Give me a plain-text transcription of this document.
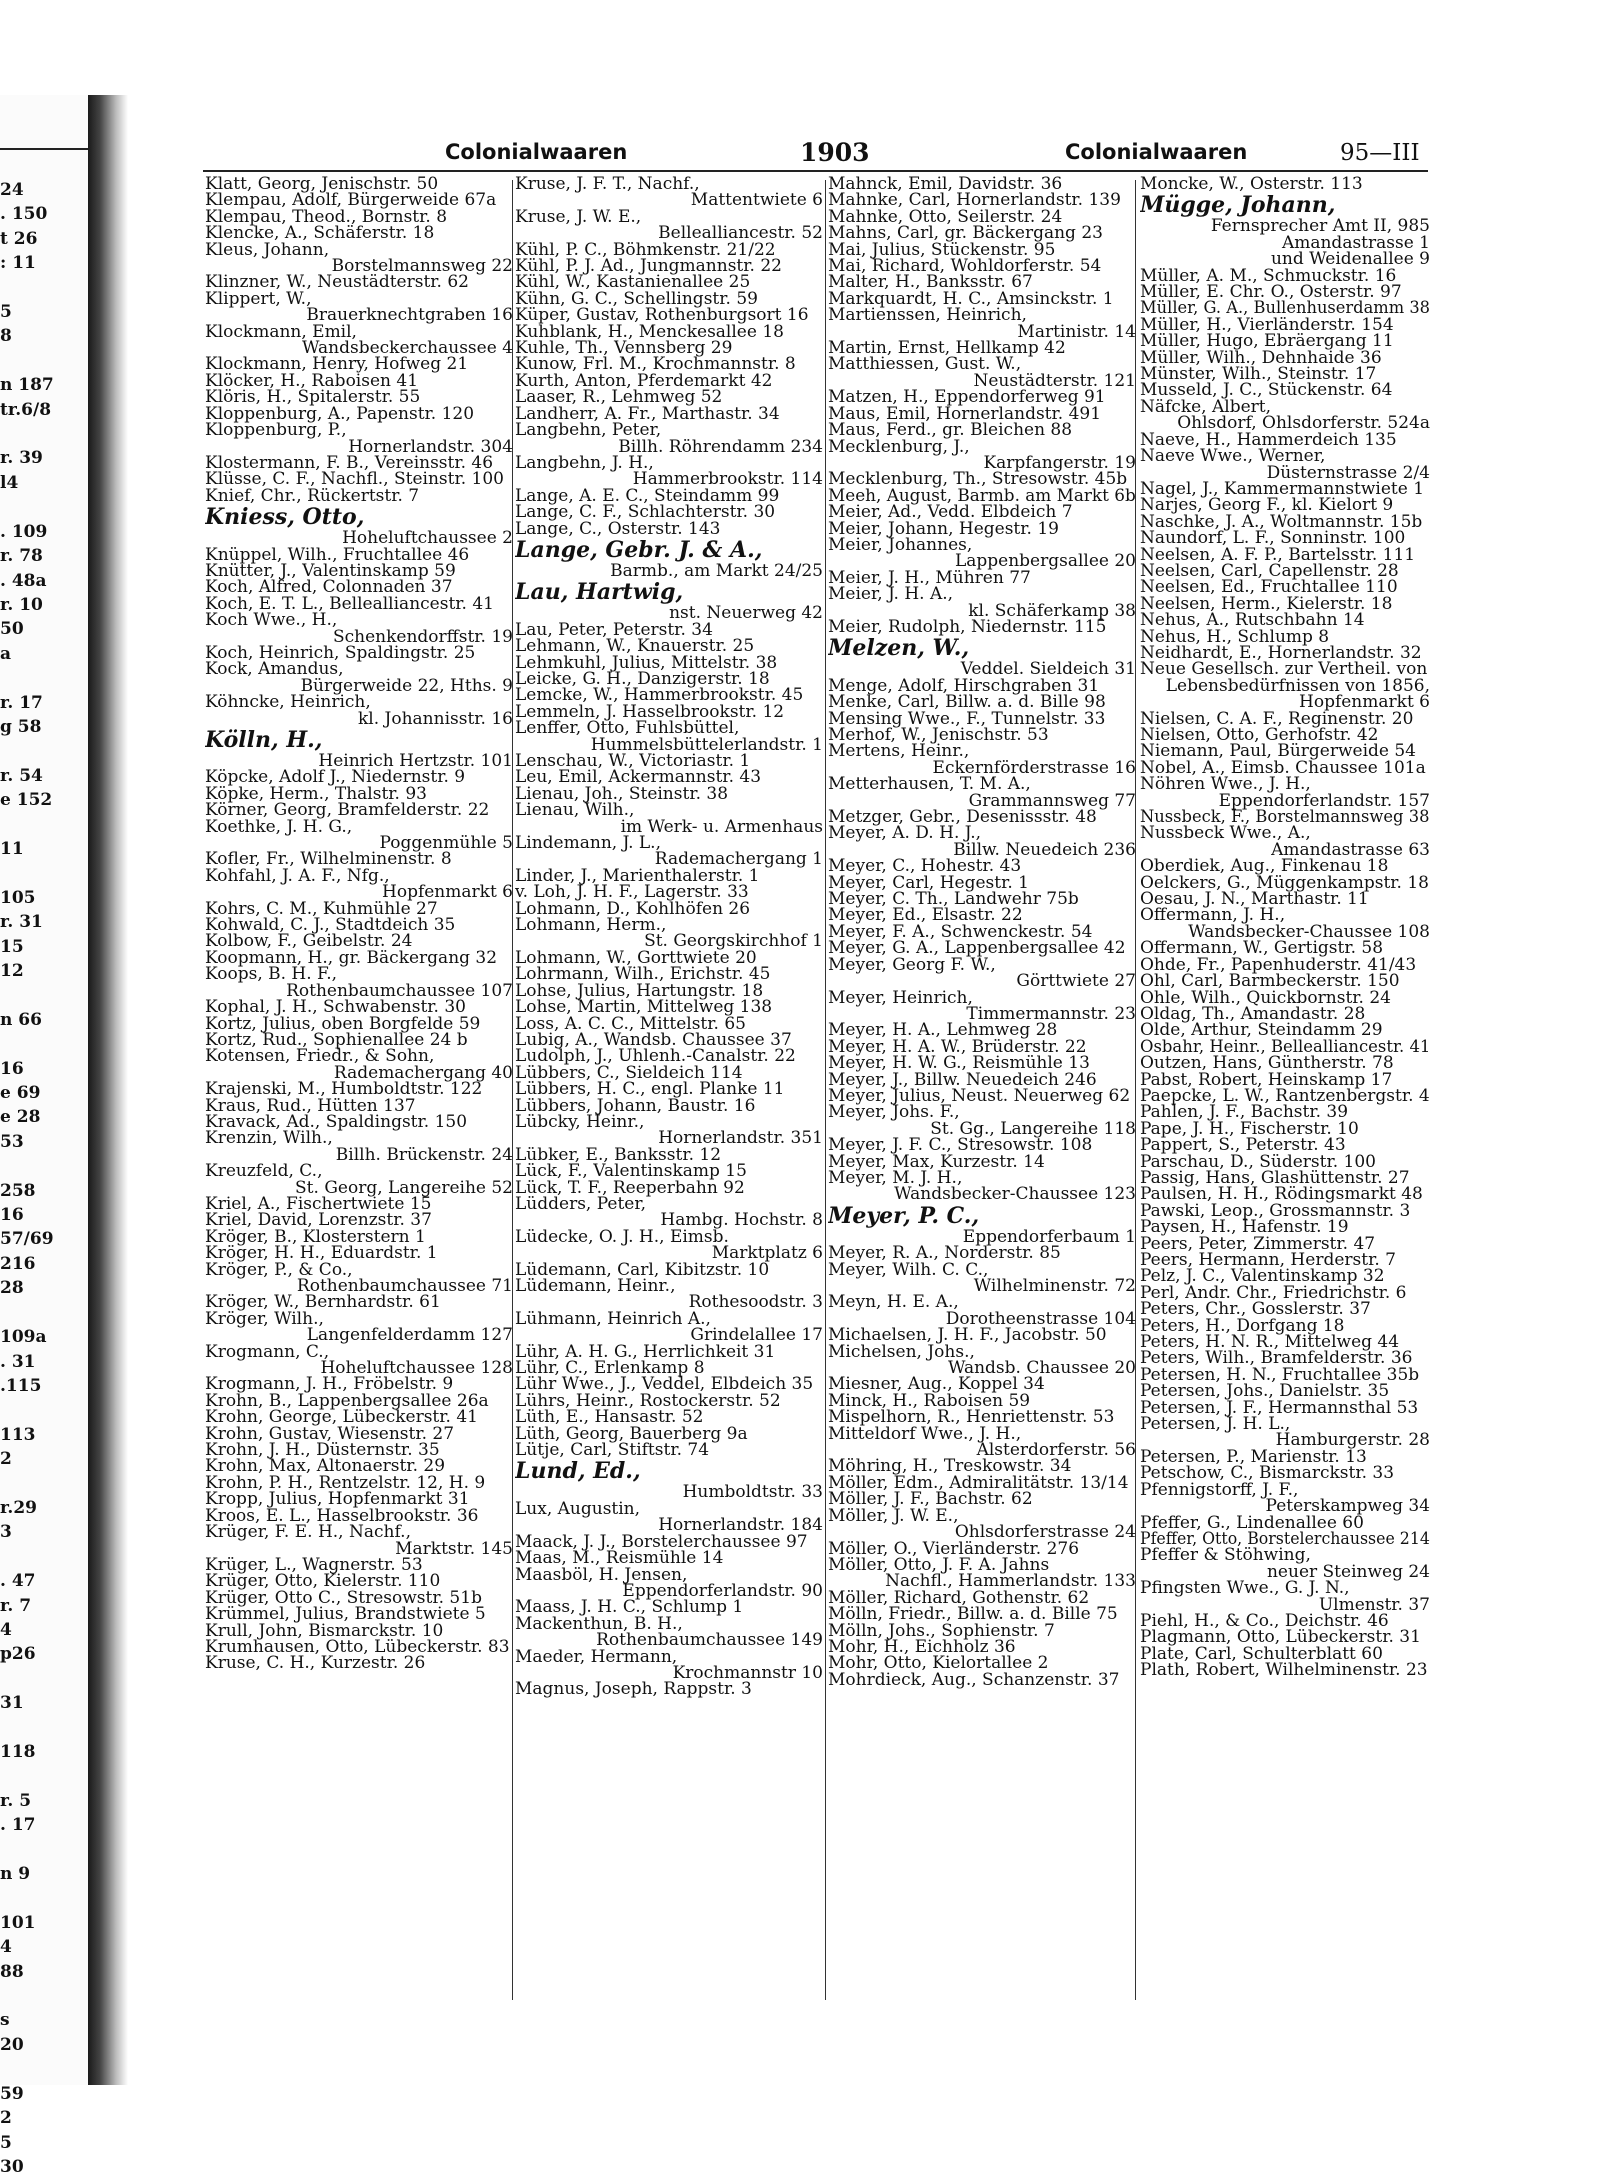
24
. 150
t 26
: 11

5
8

n 187
tr.6/8

r. 39
l4

. 109
r. 78
. 48a
r. 10
50
a

r. 17
g 58

r. 54
e 152

11

105
r. 31
15
12

n 66

16
e 69
e 28
53

258
16
57/69
216
28

109a
. 31
.115

113
2

r.29
3

. 47
r. 7
4
p26

31

118

r. 5
. 17

n 9

101
4
88

s
20

59
2
5
30
Colonialwaaren	1903	Colonialwaaren	95—III
Klatt, Georg, Jenischstr. 50
Klempau, Adolf, Bürgerweide 67a
Klempau, Theod., Bornstr. 8
Klencke, A., Schäferstr. 18
Kleus, Johann,
Borstelmannsweg 22
Klinzner, W., Neustädterstr. 62
Klippert, W.,
Brauerknechtgraben 16
Klockmann, Emil,
Wandsbeckerchaussee 4
Klockmann, Henry, Hofweg 21
Klöcker, H., Raboisen 41
Klöris, H., Spitalerstr. 55
Kloppenburg, A., Papenstr. 120
Kloppenburg, P.,
Hornerlandstr. 304
Klostermann, F. B., Vereinsstr. 46
Klüsse, C. F., Nachfl., Steinstr. 100
Knief, Chr., Rückertstr. 7
Kniess, Otto,
Hoheluftchaussee 2
Knüppel, Wilh., Fruchtallee 46
Knütter, J., Valentinskamp 59
Koch, Alfred, Colonnaden 37
Koch, E. T. L., Bellealliancestr. 41
Koch Wwe., H.,
Schenkendorffstr. 19
Koch, Heinrich, Spaldingstr. 25
Kock, Amandus,
Bürgerweide 22, Hths. 9
Köhncke, Heinrich,
kl. Johannisstr. 16
Kölln, H.,
Heinrich Hertzstr. 101
Köpcke, Adolf J., Niedernstr. 9
Köpke, Herm., Thalstr. 93
Körner, Georg, Bramfelderstr. 22
Koethke, J. H. G.,
Poggenmühle 5
Kofler, Fr., Wilhelminenstr. 8
Kohfahl, J. A. F., Nfg.,
Hopfenmarkt 6
Kohrs, C. M., Kuhmühle 27
Kohwald, C. J., Stadtdeich 35
Kolbow, F., Geibelstr. 24
Koopmann, H., gr. Bäckergang 32
Koops, B. H. F.,
Rothenbaumchaussee 107
Kophal, J. H., Schwabenstr. 30
Kortz, Julius, oben Borgfelde 59
Kortz, Rud., Sophienallee 24 b
Kotensen, Friedr., & Sohn,
Rademachergang 40
Krajenski, M., Humboldtstr. 122
Kraus, Rud., Hütten 137
Kravack, Ad., Spaldingstr. 150
Krenzin, Wilh.,
Billh. Brückenstr. 24
Kreuzfeld, C.,
St. Georg, Langereihe 52
Kriel, A., Fischertwiete 15
Kriel, David, Lorenzstr. 37
Kröger, B., Klosterstern 1
Kröger, H. H., Eduardstr. 1
Kröger, P., & Co.,
Rothenbaumchaussee 71
Kröger, W., Bernhardstr. 61
Kröger, Wilh.,
Langenfelderdamm 127
Krogmann, C.,
Hoheluftchaussee 128
Krogmann, J. H., Fröbelstr. 9
Krohn, B., Lappenbergsallee 26a
Krohn, George, Lübeckerstr. 41
Krohn, Gustav, Wiesenstr. 27
Krohn, J. H., Düsternstr. 35
Krohn, Max, Altonaerstr. 29
Krohn, P. H., Rentzelstr. 12, H. 9
Kropp, Julius, Hopfenmarkt 31
Kroos, E. L., Hasselbrookstr. 36
Krüger, F. E. H., Nachf.,
Marktstr. 145
Krüger, L., Wagnerstr. 53
Krüger, Otto, Kielerstr. 110
Krüger, Otto C., Stresowstr. 51b
Krümmel, Julius, Brandstwiete 5
Krull, John, Bismarckstr. 10
Krumhausen, Otto, Lübeckerstr. 83
Kruse, C. H., Kurzestr. 26
Kruse, J. F. T., Nachf.,
Mattentwiete 6
Kruse, J. W. E.,
Bellealliancestr. 52
Kühl, P. C., Böhmkenstr. 21/22
Kühl, P. J. Ad., Jungmannstr. 22
Kühl, W., Kastanienallee 25
Kühn, G. C., Schellingstr. 59
Küper, Gustav, Rothenburgsort 16
Kuhblank, H., Menckesallee 18
Kuhle, Th., Vennsberg 29
Kunow, Frl. M., Krochmannstr. 8
Kurth, Anton, Pferdemarkt 42
Laaser, R., Lehmweg 52
Landherr, A. Fr., Marthastr. 34
Langbehn, Peter,
Billh. Röhrendamm 234
Langbehn, J. H.,
Hammerbrookstr. 114
Lange, A. E. C., Steindamm 99
Lange, C. F., Schlachterstr. 30
Lange, C., Osterstr. 143
Lange, Gebr. J. & A.,
Barmb., am Markt 24/25
Lau, Hartwig,
nst. Neuerweg 42
Lau, Peter, Peterstr. 34
Lehmann, W., Knauerstr. 25
Lehmkuhl, Julius, Mittelstr. 38
Leicke, G. H., Danzigerstr. 18
Lemcke, W., Hammerbrookstr. 45
Lemmeln, J. Hasselbrookstr. 12
Lenffer, Otto, Fuhlsbüttel,
Hummelsbüttelerlandstr. 1
Lenschau, W., Victoriastr. 1
Leu, Emil, Ackermannstr. 43
Lienau, Joh., Steinstr. 38
Lienau, Wilh.,
im Werk- u. Armenhaus
Lindemann, J. L.,
Rademachergang 1
Linder, J., Marienthalerstr. 1
v. Loh, J. H. F., Lagerstr. 33
Lohmann, D., Kohlhöfen 26
Lohmann, Herm.,
St. Georgskirchhof 1
Lohmann, W., Gorttwiete 20
Lohrmann, Wilh., Erichstr. 45
Lohse, Julius, Hartungstr. 18
Lohse, Martin, Mittelweg 138
Loss, A. C. C., Mittelstr. 65
Lubig, A., Wandsb. Chaussee 37
Ludolph, J., Uhlenh.-Canalstr. 22
Lübbers, C., Sieldeich 114
Lübbers, H. C., engl. Planke 11
Lübbers, Johann, Baustr. 16
Lübcky, Heinr.,
Hornerlandstr. 351
Lübker, E., Banksstr. 12
Lück, F., Valentinskamp 15
Lück, T. F., Reeperbahn 92
Lüdders, Peter,
Hambg. Hochstr. 8
Lüdecke, O. J. H., Eimsb.
Marktplatz 6
Lüdemann, Carl, Kibitzstr. 10
Lüdemann, Heinr.,
Rothesoodstr. 3
Lühmann, Heinrich A.,
Grindelallee 17
Lühr, A. H. G., Herrlichkeit 31
Lühr, C., Erlenkamp 8
Lühr Wwe., J., Veddel, Elbdeich 35
Lührs, Heinr., Rostockerstr. 52
Lüth, E., Hansastr. 52
Lüth, Georg, Bauerberg 9a
Lütje, Carl, Stiftstr. 74
Lund, Ed.,
Humboldtstr. 33
Lux, Augustin,
Hornerlandstr. 184
Maack, J. J., Borstelerchaussee 97
Maas, M., Reismühle 14
Maasböl, H. Jensen,
Eppendorferlandstr. 90
Maass, J. H. C., Schlump 1
Mackenthun, B. H.,
Rothenbaumchaussee 149
Maeder, Hermann,
Krochmannstr 10
Magnus, Joseph, Rappstr. 3
Mahnck, Emil, Davidstr. 36
Mahnke, Carl, Hornerlandstr. 139
Mahnke, Otto, Seilerstr. 24
Mahns, Carl, gr. Bäckergang 23
Mai, Julius, Stückenstr. 95
Mai, Richard, Wohldorferstr. 54
Malter, H., Banksstr. 67
Markquardt, H. C., Amsinckstr. 1
Martienssen, Heinrich,
Martinistr. 14
Martin, Ernst, Hellkamp 42
Matthiessen, Gust. W.,
Neustädterstr. 121
Matzen, H., Eppendorferweg 91
Maus, Emil, Hornerlandstr. 491
Maus, Ferd., gr. Bleichen 88
Mecklenburg, J.,
Karpfangerstr. 19
Mecklenburg, Th., Stresowstr. 45b
Meeh, August, Barmb. am Markt 6b
Meier, Ad., Vedd. Elbdeich 7
Meier, Johann, Hegestr. 19
Meier, Johannes,
Lappenbergsallee 20
Meier, J. H., Mühren 77
Meier, J. H. A.,
kl. Schäferkamp 38
Meier, Rudolph, Niedernstr. 115
Melzen, W.,
Veddel. Sieldeich 31
Menge, Adolf, Hirschgraben 31
Menke, Carl, Billw. a. d. Bille 98
Mensing Wwe., F., Tunnelstr. 33
Merhof, W., Jenischstr. 53
Mertens, Heinr.,
Eckernförderstrasse 16
Metterhausen, T. M. A.,
Grammannsweg 77
Metzger, Gebr., Desenissstr. 48
Meyer, A. D. H. J.,
Billw. Neuedeich 236
Meyer, C., Hohestr. 43
Meyer, Carl, Hegestr. 1
Meyer, C. Th., Landwehr 75b
Meyer, Ed., Elsastr. 22
Meyer, F. A., Schwenckestr. 54
Meyer, G. A., Lappenbergsallee 42
Meyer, Georg F. W.,
Görttwiete 27
Meyer, Heinrich,
Timmermannstr. 23
Meyer, H. A., Lehmweg 28
Meyer, H. A. W., Brüderstr. 22
Meyer, H. W. G., Reismühle 13
Meyer, J., Billw. Neuedeich 246
Meyer, Julius, Neust. Neuerweg 62
Meyer, Johs. F.,
St. Gg., Langereihe 118
Meyer, J. F. C., Stresowstr. 108
Meyer, Max, Kurzestr. 14
Meyer, M. J. H.,
Wandsbecker-Chaussee 123
Meyer, P. C.,
Eppendorferbaum 1
Meyer, R. A., Norderstr. 85
Meyer, Wilh. C. C.,
Wilhelminenstr. 72
Meyn, H. E. A.,
Dorotheenstrasse 104
Michaelsen, J. H. F., Jacobstr. 50
Michelsen, Johs.,
Wandsb. Chaussee 20
Miesner, Aug., Koppel 34
Minck, H., Raboisen 59
Mispelhorn, R., Henriettenstr. 53
Mitteldorf Wwe., J. H.,
Alsterdorferstr. 56
Möhring, H., Treskowstr. 34
Möller, Edm., Admiralitätstr. 13/14
Möller, J. F., Bachstr. 62
Möller, J. W. E.,
Ohlsdorferstrasse 24
Möller, O., Vierländerstr. 276
Möller, Otto, J. F. A. Jahns
Nachfl., Hammerlandstr. 133
Möller, Richard, Gothenstr. 62
Mölln, Friedr., Billw. a. d. Bille 75
Mölln, Johs., Sophienstr. 7
Mohr, H., Eichholz 36
Mohr, Otto, Kielortallee 2
Mohrdieck, Aug., Schanzenstr. 37
Moncke, W., Osterstr. 113
Mügge, Johann,
Fernsprecher Amt II, 985
Amandastrasse 1
und Weidenallee 9
Müller, A. M., Schmuckstr. 16
Müller, E. Chr. O., Osterstr. 97
Müller, G. A., Bullenhuserdamm 38
Müller, H., Vierländerstr. 154
Müller, Hugo, Ebräergang 11
Müller, Wilh., Dehnhaide 36
Münster, Wilh., Steinstr. 17
Musseld, J. C., Stückenstr. 64
Näfcke, Albert,
Ohlsdorf, Ohlsdorferstr. 524a
Naeve, H., Hammerdeich 135
Naeve Wwe., Werner,
Düsternstrasse 2/4
Nagel, J., Kammermannstwiete 1
Narjes, Georg F., kl. Kielort 9
Naschke, J. A., Woltmannstr. 15b
Naundorf, L. F., Sonninstr. 100
Neelsen, A. F. P., Bartelsstr. 111
Neelsen, Carl, Capellenstr. 28
Neelsen, Ed., Fruchtallee 110
Neelsen, Herm., Kielerstr. 18
Nehus, A., Rutschbahn 14
Nehus, H., Schlump 8
Neidhardt, E., Hornerlandstr. 32
Neue Gesellsch. zur Vertheil. von
Lebensbedürfnissen von 1856,
Hopfenmarkt 6
Nielsen, C. A. F., Reginenstr. 20
Nielsen, Otto, Gerhofstr. 42
Niemann, Paul, Bürgerweide 54
Nobel, A., Eimsb. Chaussee 101a
Nöhren Wwe., J. H.,
Eppendorferlandstr. 157
Nussbeck, F., Borstelmannsweg 38
Nussbeck Wwe., A.,
Amandastrasse 63
Oberdiek, Aug., Finkenau 18
Oelckers, G., Müggenkampstr. 18
Oesau, J. N., Marthastr. 11
Offermann, J. H.,
Wandsbecker-Chaussee 108
Offermann, W., Gertigstr. 58
Ohde, Fr., Papenhuderstr. 41/43
Ohl, Carl, Barmbeckerstr. 150
Ohle, Wilh., Quickbornstr. 24
Oldag, Th., Amandastr. 28
Olde, Arthur, Steindamm 29
Osbahr, Heinr., Bellealliancestr. 41
Outzen, Hans, Güntherstr. 78
Pabst, Robert, Heinskamp 17
Paepcke, L. W., Rantzenbergstr. 4
Pahlen, J. F., Bachstr. 39
Pape, J. H., Fischerstr. 10
Pappert, S., Peterstr. 43
Parschau, D., Süderstr. 100
Passig, Hans, Glashüttenstr. 27
Paulsen, H. H., Rödingsmarkt 48
Pawski, Leop., Grossmannstr. 3
Paysen, H., Hafenstr. 19
Peers, Peter, Zimmerstr. 47
Peers, Hermann, Herderstr. 7
Pelz, J. C., Valentinskamp 32
Perl, Andr. Chr., Friedrichstr. 6
Peters, Chr., Gosslerstr. 37
Peters, H., Dorfgang 18
Peters, H. N. R., Mittelweg 44
Peters, Wilh., Bramfelderstr. 36
Petersen, H. N., Fruchtallee 35b
Petersen, Johs., Danielstr. 35
Petersen, J. F., Hermannsthal 53
Petersen, J. H. L.,
Hamburgerstr. 28
Petersen, P., Marienstr. 13
Petschow, C., Bismarckstr. 33
Pfennigstorff, J. F.,
Peterskampweg 34
Pfeffer, G., Lindenallee 60
Pfeffer, Otto, Borstelerchaussee 214
Pfeffer & Stöhwing,
neuer Steinweg 24
Pfingsten Wwe., G. J. N.,
Ulmenstr. 37
Piehl, H., & Co., Deichstr. 46
Plagmann, Otto, Lübeckerstr. 31
Plate, Carl, Schulterblatt 60
Plath, Robert, Wilhelminenstr. 23
